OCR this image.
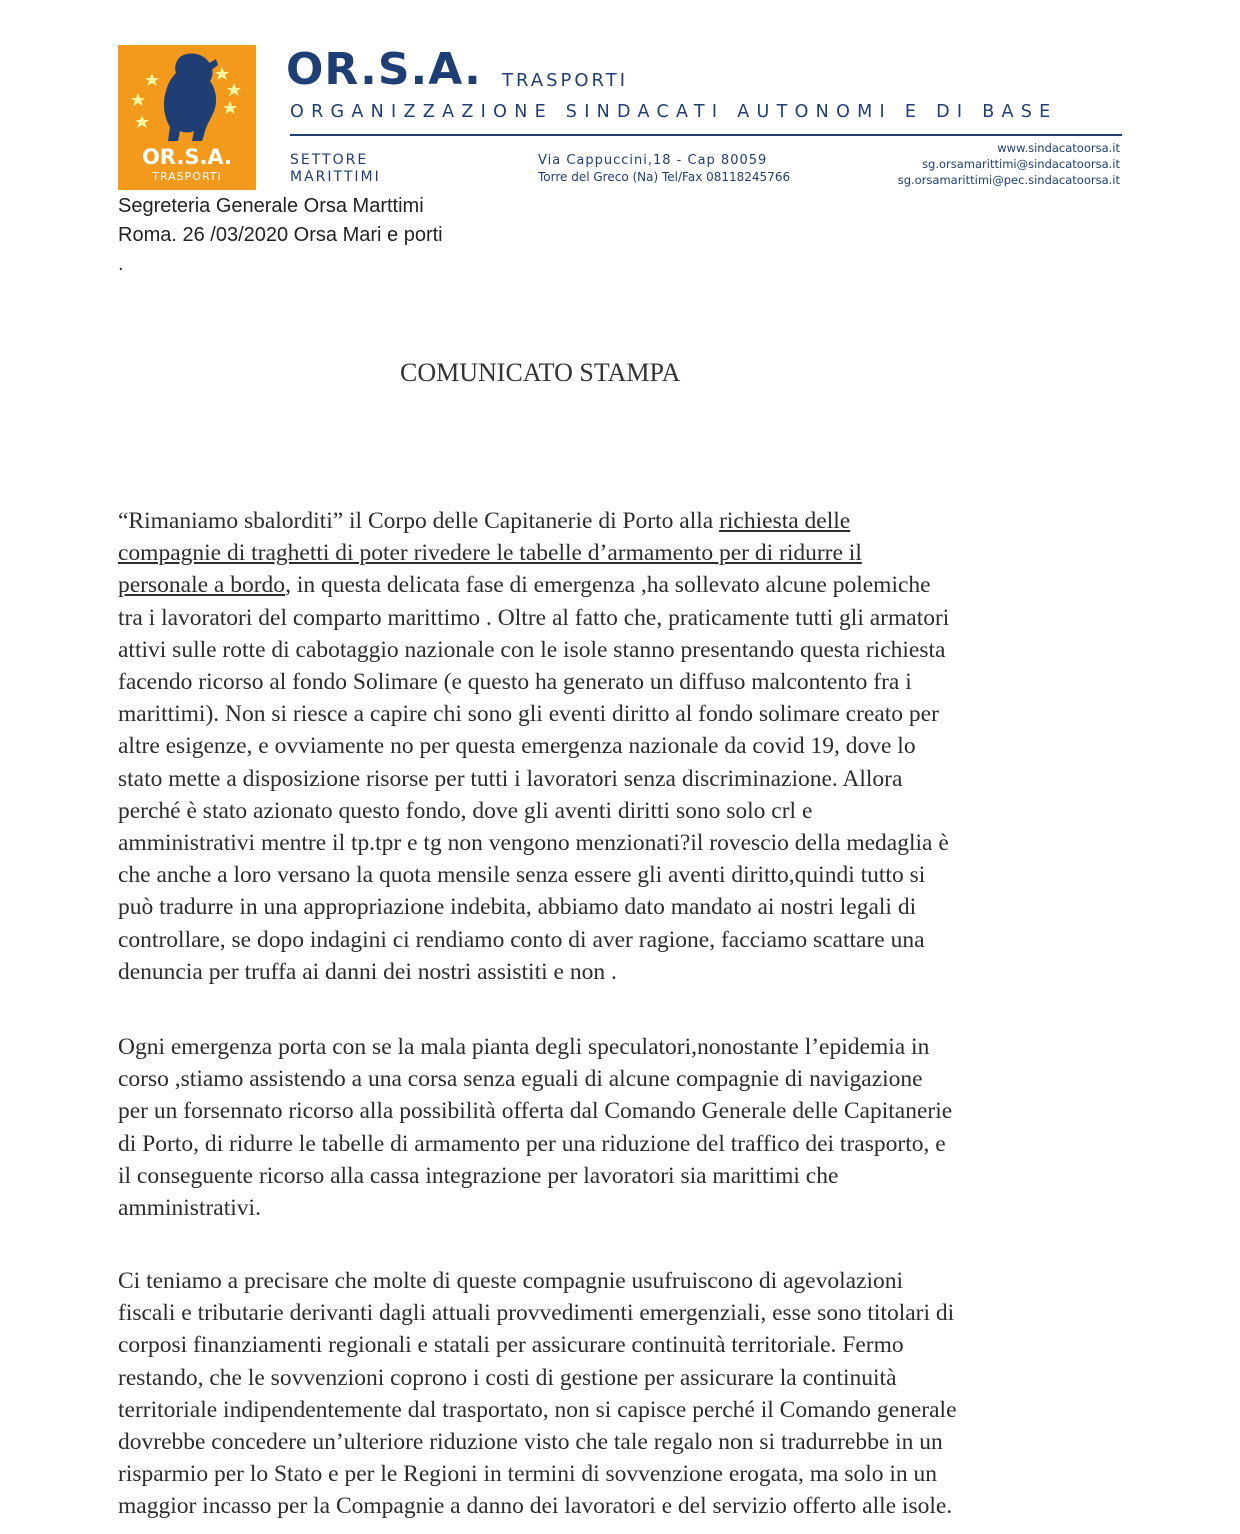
OR.S.A.
TRASPORTI
OR.S.A. TRASPORTI
ORGANIZZAZIONE SINDACATI AUTONOMI E DI BASE
SETTORE
MARITTIMI
Via Cappuccini,18 - Cap 80059
Torre del Greco (Na) Tel/Fax 08118245766
www.sindacatoorsa.it
sg.orsamarittimi@sindacatoorsa.it
sg.orsamarittimi@pec.sindacatoorsa.it
Segreteria Generale Orsa Marttimi
Roma. 26 /03/2020 Orsa Mari e porti
.
COMUNICATO STAMPA
“Rimaniamo sbalorditi” il Corpo delle Capitanerie di Porto alla richiesta delle
compagnie di traghetti di poter rivedere le tabelle d’armamento per di ridurre il
personale a bordo, in questa delicata fase di emergenza ,ha sollevato alcune polemiche
tra i lavoratori del comparto marittimo . Oltre al fatto che, praticamente tutti gli armatori
attivi sulle rotte di cabotaggio nazionale con le isole stanno presentando questa richiesta
facendo ricorso al fondo Solimare (e questo ha generato un diffuso malcontento fra i
marittimi). Non si riesce a capire chi sono gli eventi diritto al fondo solimare creato per
altre esigenze, e ovviamente no per questa emergenza nazionale da covid 19, dove lo
stato mette a disposizione risorse per tutti i lavoratori senza discriminazione. Allora
perché è stato azionato questo fondo, dove gli aventi diritti sono solo crl e
amministrativi mentre il tp.tpr e tg non vengono menzionati?il rovescio della medaglia è
che anche a loro versano la quota mensile senza essere gli aventi diritto,quindi tutto si
può tradurre in una appropriazione indebita, abbiamo dato mandato ai nostri legali di
controllare, se dopo indagini ci rendiamo conto di aver ragione, facciamo scattare una
denuncia per truffa ai danni dei nostri assistiti e non .
Ogni emergenza porta con se la mala pianta degli speculatori,nonostante l’epidemia in
corso ,stiamo assistendo a una corsa senza eguali di alcune compagnie di navigazione
per un forsennato ricorso alla possibilità offerta dal Comando Generale delle Capitanerie
di Porto, di ridurre le tabelle di armamento per una riduzione del traffico dei trasporto, e
il conseguente ricorso alla cassa integrazione per lavoratori sia marittimi che
amministrativi.
Ci teniamo a precisare che molte di queste compagnie usufruiscono di agevolazioni
fiscali e tributarie derivanti dagli attuali provvedimenti emergenziali, esse sono titolari di
corposi finanziamenti regionali e statali per assicurare continuità territoriale. Fermo
restando, che le sovvenzioni coprono i costi di gestione per assicurare la continuità
territoriale indipendentemente dal trasportato, non si capisce perché il Comando generale
dovrebbe concedere un’ulteriore riduzione visto che tale regalo non si tradurrebbe in un
risparmio per lo Stato e per le Regioni in termini di sovvenzione erogata, ma solo in un
maggior incasso per la Compagnie a danno dei lavoratori e del servizio offerto alle isole.
